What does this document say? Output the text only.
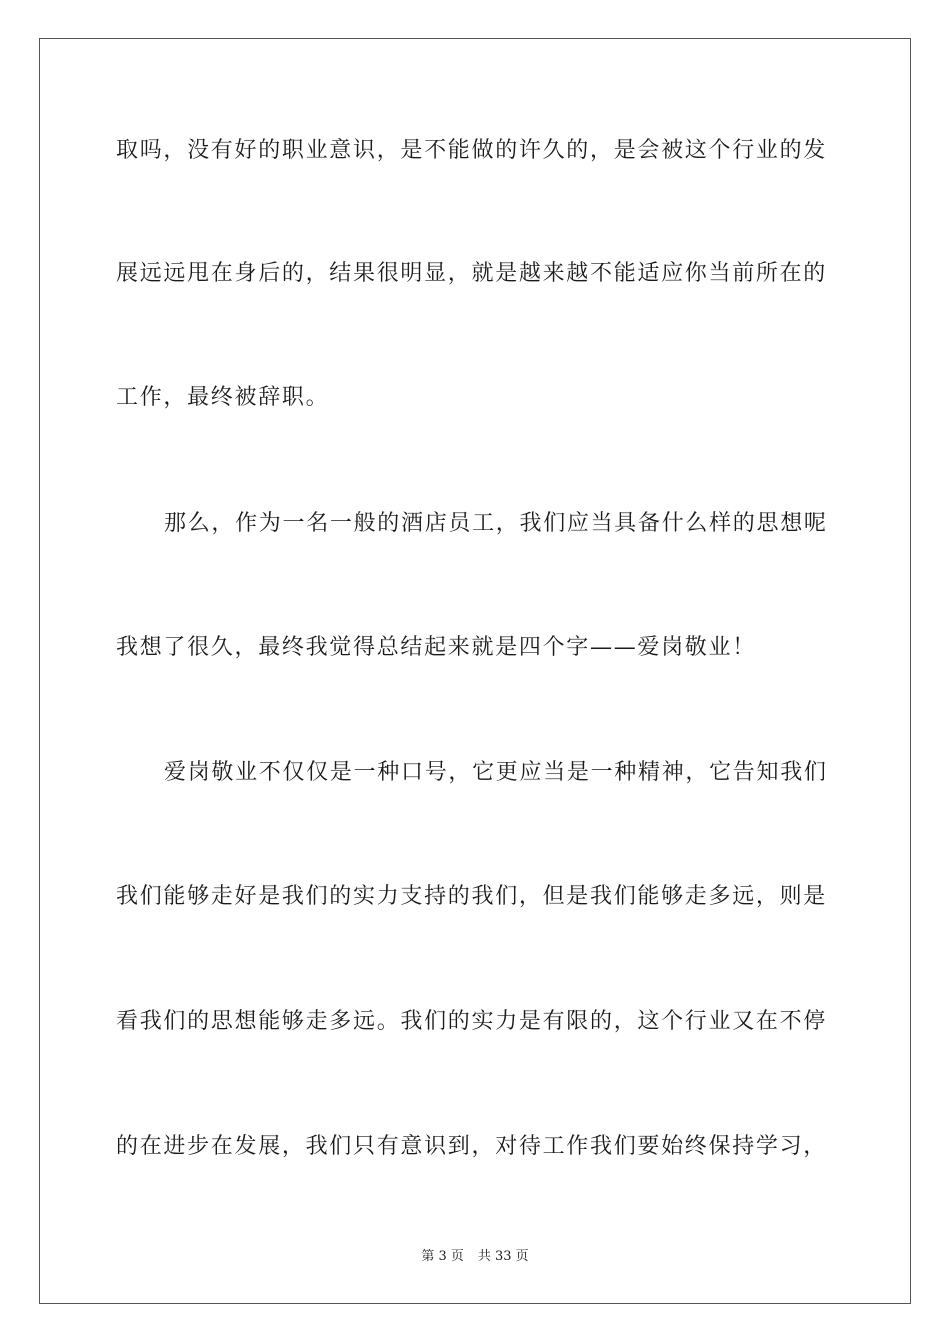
取吗，没有好的职业意识，是不能做的许久的，是会被这个行业的发
展远远甩在身后的，结果很明显，就是越来越不能适应你当前所在的
工作，最终被辞职。
那么，作为一名一般的酒店员工，我们应当具备什么样的思想呢
我想了很久，最终我觉得总结起来就是四个字——爱岗敬业！
爱岗敬业不仅仅是一种口号，它更应当是一种精神，它告知我们
我们能够走好是我们的实力支持的我们，但是我们能够走多远，则是
看我们的思想能够走多远。我们的实力是有限的，这个行业又在不停
的在进步在发展，我们只有意识到，对待工作我们要始终保持学习，
第 3 页 共 33 页
